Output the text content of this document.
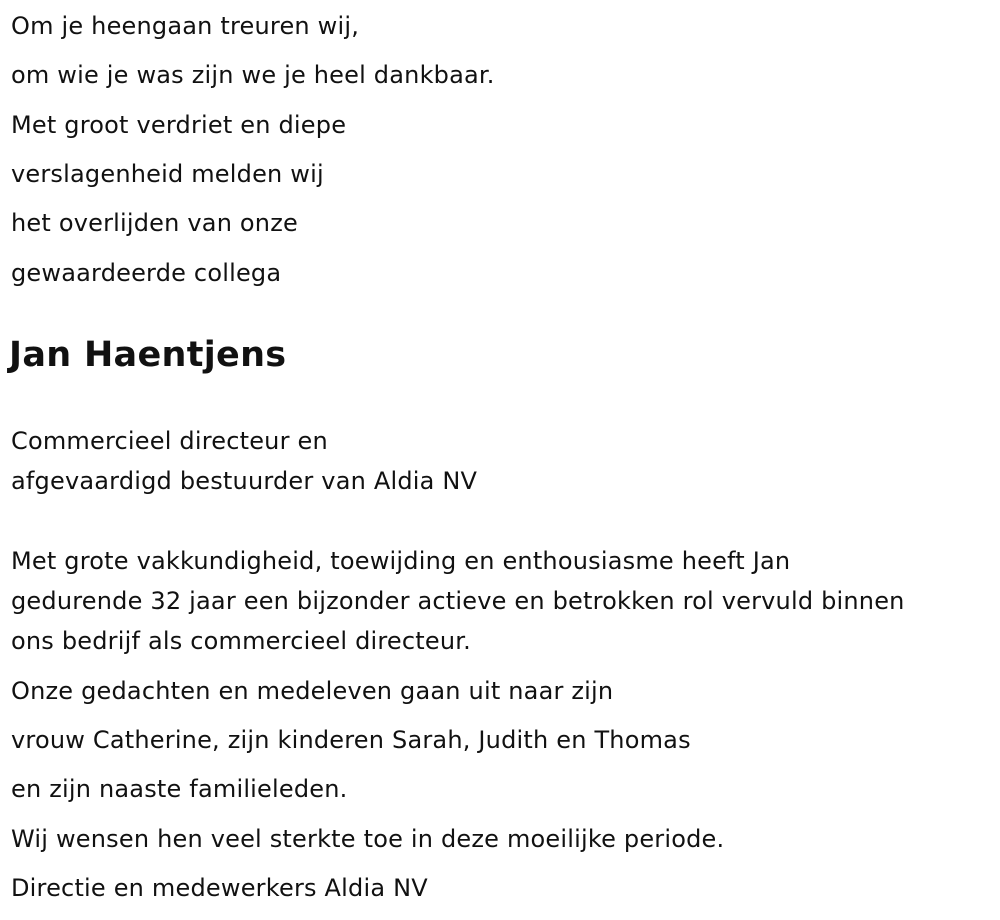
Om je heengaan treuren wij,
om wie je was zijn we je heel dankbaar.
Met groot verdriet en diepe
verslagenheid melden wij
het overlijden van onze
gewaardeerde collega
Jan Haentjens
Commercieel directeur en
afgevaardigd bestuurder van Aldia NV
Met grote vakkundigheid, toewijding en enthousiasme heeft Jan
gedurende 32 jaar een bijzonder actieve en betrokken rol vervuld binnen
ons bedrijf als commercieel directeur.
Onze gedachten en medeleven gaan uit naar zijn
vrouw Catherine, zijn kinderen Sarah, Judith en Thomas
en zijn naaste familieleden.
Wij wensen hen veel sterkte toe in deze moeilijke periode.
Directie en medewerkers Aldia NV
